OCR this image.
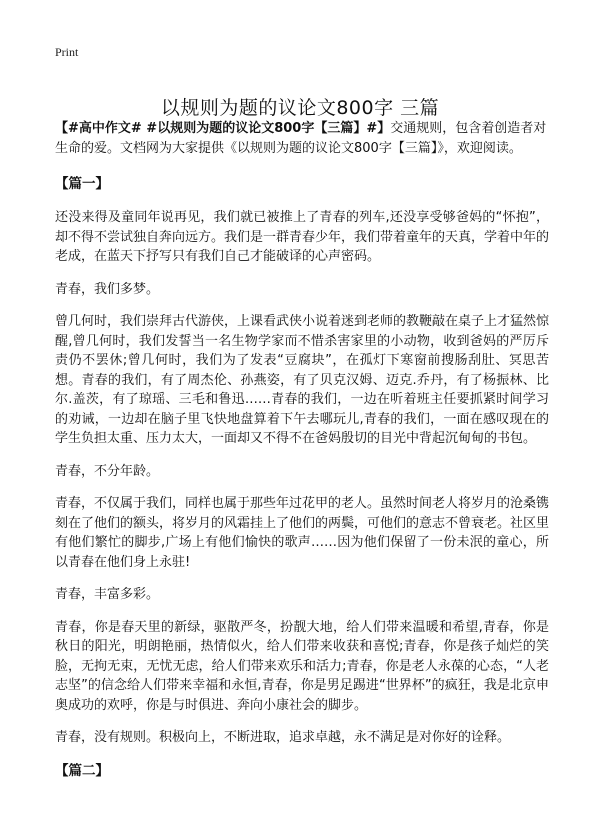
Print
以规则为题的议论文800字 三篇

【#高中作文# #以规则为题的议论文800字【三篇】#】交通规则，包含着创造者对生命的爱。文档网为大家提供《以规则为题的议论文800字【三篇】》，欢迎阅读。

【篇一】

还没来得及童同年说再见，我们就已被推上了青春的列车,还没享受够爸妈的“怀抱”，却不得不尝试独自奔向远方。我们是一群青春少年，我们带着童年的天真，学着中年的老成，在蓝天下抒写只有我们自己才能破译的心声密码。

青春，我们多梦。

曾几何时，我们崇拜古代游侠，上课看武侠小说着迷到老师的教鞭敲在桌子上才猛然惊醒,曾几何时，我们发誓当一名生物学家而不惜杀害家里的小动物，收到爸妈的严厉斥责仍不罢休;曾几何时，我们为了发表“豆腐块”，在孤灯下寒窗前搜肠刮肚、冥思苦想。青春的我们，有了周杰伦、孙燕姿，有了贝克汉姆、迈克.乔丹，有了杨振林、比尔.盖茨，有了琼瑶、三毛和鲁迅……青春的我们，一边在听着班主任要抓紧时间学习的劝诫，一边却在脑子里飞快地盘算着下午去哪玩儿,青春的我们，一面在感叹现在的学生负担太重、压力太大，一面却又不得不在爸妈殷切的目光中背起沉甸甸的书包。

青春，不分年龄。

青春，不仅属于我们，同样也属于那些年过花甲的老人。虽然时间老人将岁月的沧桑镌刻在了他们的额头，将岁月的风霜挂上了他们的两鬓，可他们的意志不曾衰老。社区里有他们繁忙的脚步,广场上有他们愉快的歌声……因为他们保留了一份未泯的童心，所以青春在他们身上永驻!

青春，丰富多彩。

青春，你是春天里的新绿，驱散严冬，扮靓大地，给人们带来温暖和希望,青春，你是秋日的阳光，明朗艳丽，热情似火，给人们带来收获和喜悦;青春，你是孩子灿烂的笑脸，无拘无束，无忧无虑，给人们带来欢乐和活力;青春，你是老人永葆的心态，“人老志坚”的信念给人们带来幸福和永恒,青春，你是男足踢进“世界杯”的疯狂，我是北京申奥成功的欢呼，你是与时俱进、奔向小康社会的脚步。

青春，没有规则。积极向上，不断进取，追求卓越，永不满足是对你好的诠释。

【篇二】
